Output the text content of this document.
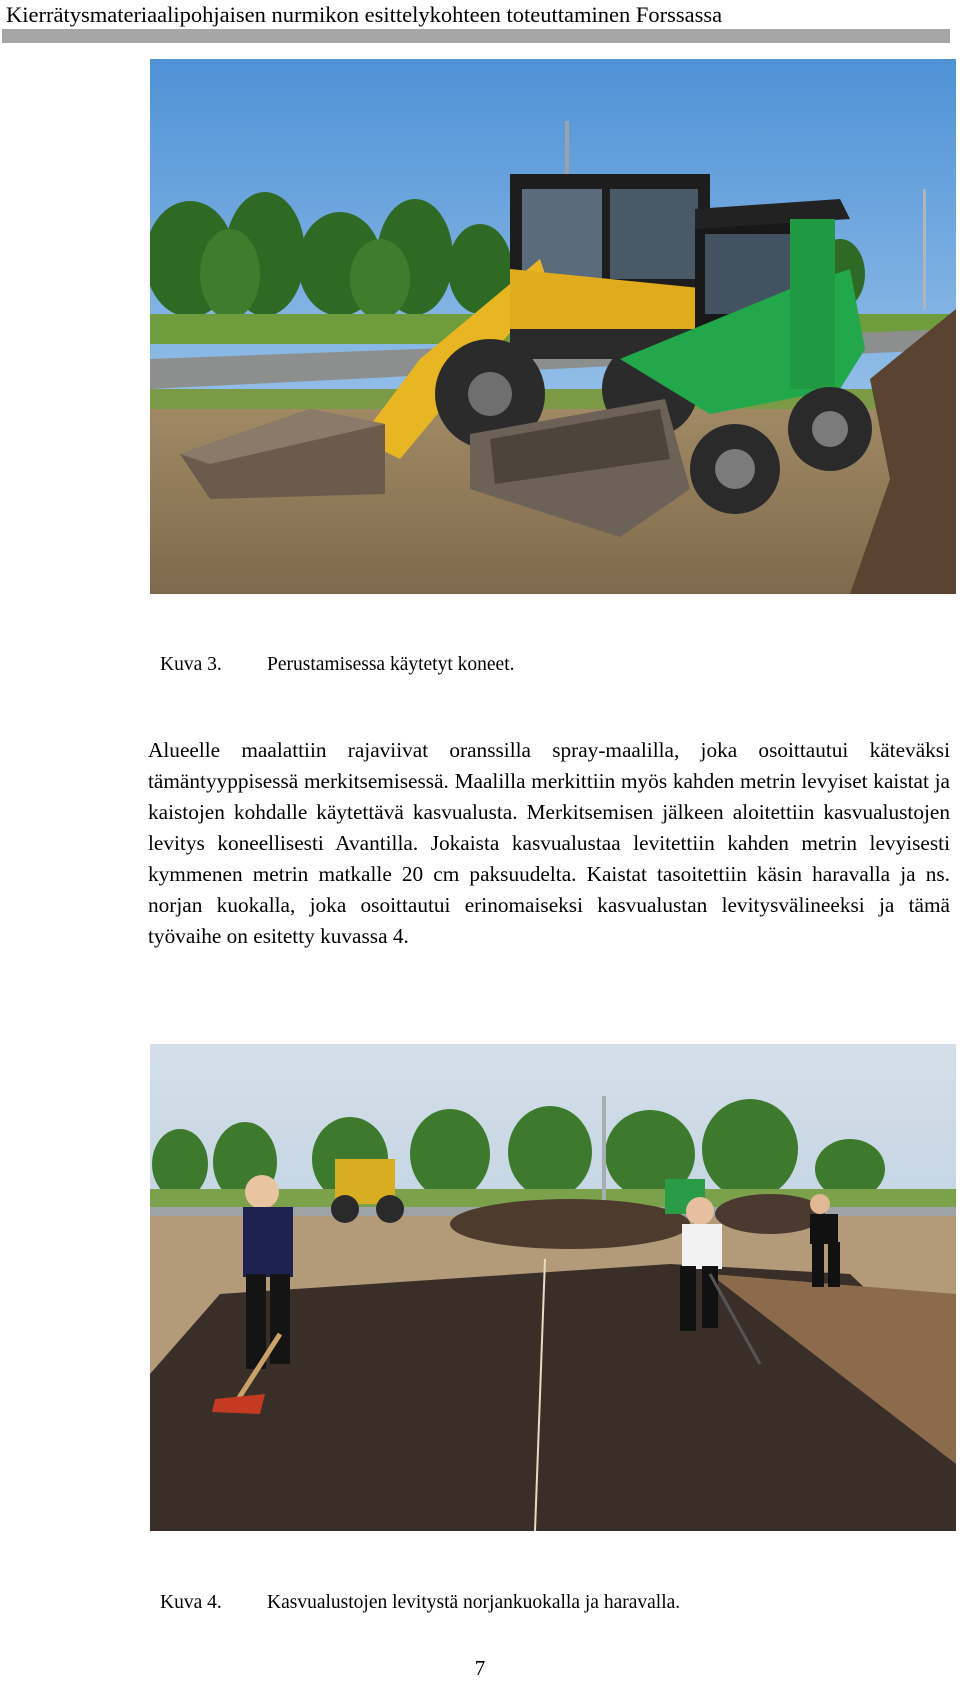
Kierrätysmateriaalipohjaisen nurmikon esittelykohteen toteuttaminen Forssassa
Kuva 3. Perustamisessa käytetyt koneet.

Alueelle maalattiin rajaviivat oranssilla spray-maalilla, joka osoittautui käteväksi tämäntyyppisessä merkitsemisessä. Maalilla merkittiin myös kahden metrin levyiset kaistat ja kaistojen kohdalle käytettävä kasvualusta. Merkitsemisen jälkeen aloitettiin kasvualustojen levitys koneellisesti Avantilla. Jokaista kasvualustaa levitettiin kahden metrin levyisesti kymmenen metrin matkalle 20 cm paksuudelta. Kaistat tasoitettiin käsin haravalla ja ns. norjan kuokalla, joka osoittautui erinomaiseksi kasvualustan levitysvälineeksi ja tämä työvaihe on esitetty kuvassa 4.

Kuva 4. Kasvualustojen levitystä norjankuokalla ja haravalla.
7
